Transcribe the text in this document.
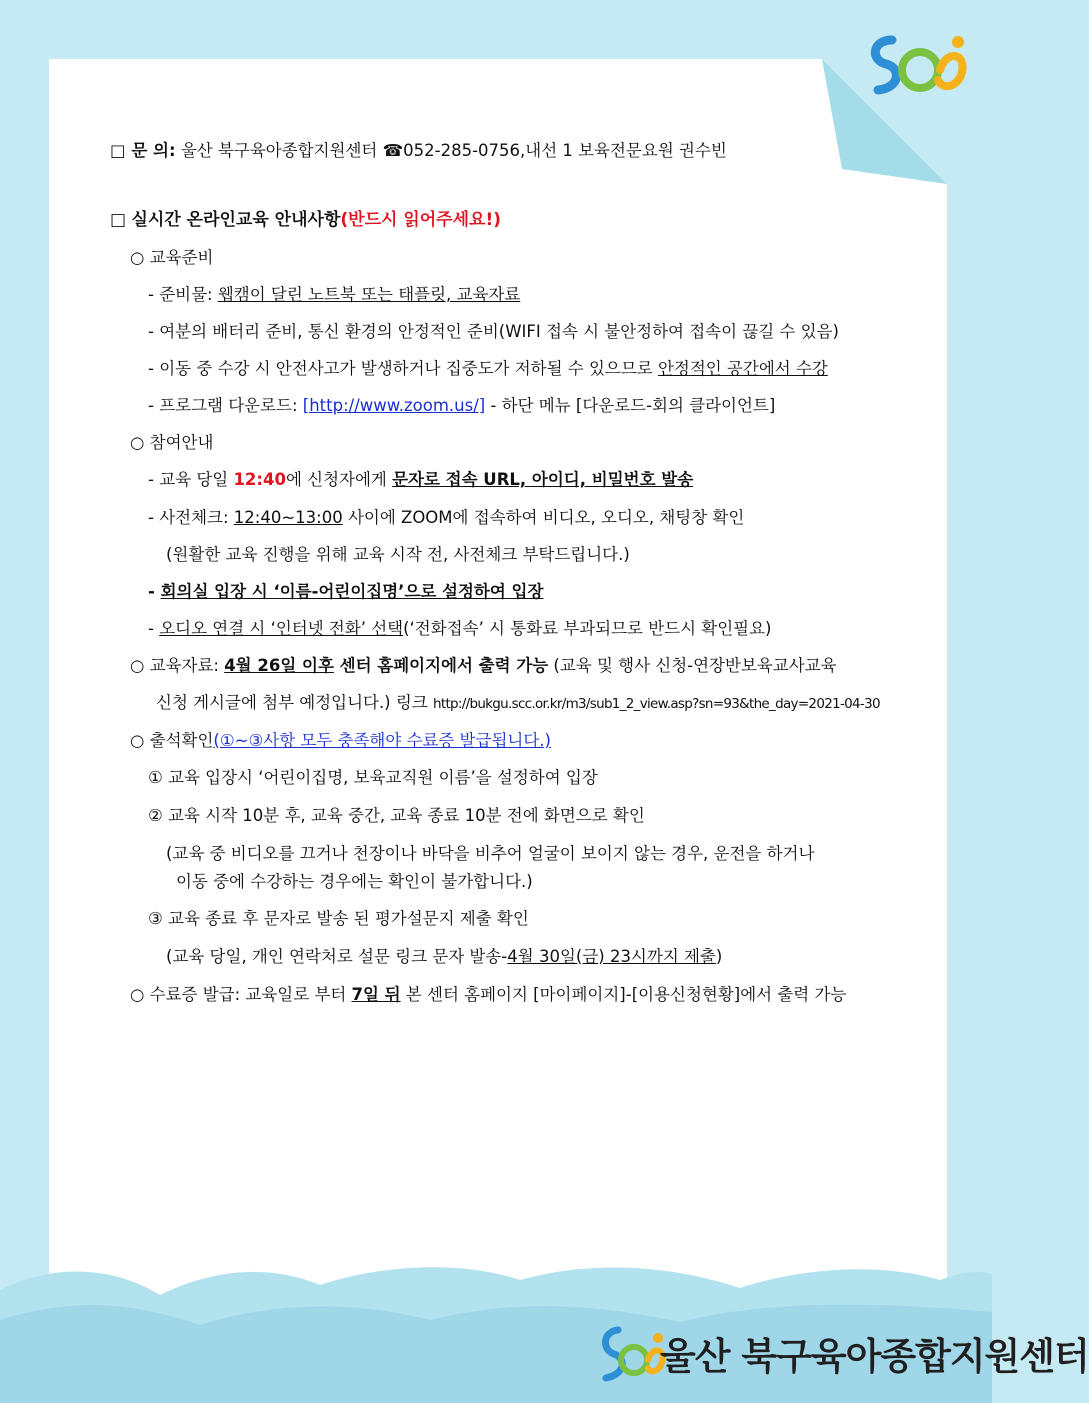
□ 문 의: 울산 북구육아종합지원센터 ☎052-285-0756,내선 1 보육전문요원 권수빈
□ 실시간 온라인교육 안내사항(반드시 읽어주세요!)
○ 교육준비
- 준비물: 웹캠이 달린 노트북 또는 태플릿, 교육자료
- 여분의 배터리 준비, 통신 환경의 안정적인 준비(WIFI 접속 시 불안정하여 접속이 끊길 수 있음)
- 이동 중 수강 시 안전사고가 발생하거나 집중도가 저하될 수 있으므로 안정적인 공간에서 수강
- 프로그램 다운로드: [http://www.zoom.us/] - 하단 메뉴 [다운로드-회의 클라이언트]
○ 참여안내
- 교육 당일 12:40에 신청자에게 문자로 접속 URL, 아이디, 비밀번호 발송
- 사전체크: 12:40~13:00 사이에 ZOOM에 접속하여 비디오, 오디오, 채팅창 확인
(원활한 교육 진행을 위해 교육 시작 전, 사전체크 부탁드립니다.)
- 회의실 입장 시 ‘이름-어린이집명’으로 설정하여 입장
- 오디오 연결 시 ‘인터넷 전화’ 선택(‘전화접속’ 시 통화료 부과되므로 반드시 확인필요)
○ 교육자료: 4월 26일 이후 센터 홈페이지에서 출력 가능 (교육 및 행사 신청-연장반보육교사교육
신청 게시글에 첨부 예정입니다.) 링크 http://bukgu.scc.or.kr/m3/sub1_2_view.asp?sn=93&the_day=2021-04-30
○ 출석확인(①~③사항 모두 충족해야 수료증 발급됩니다.)
① 교육 입장시 ‘어린이집명, 보육교직원 이름’을 설정하여 입장
② 교육 시작 10분 후, 교육 중간, 교육 종료 10분 전에 화면으로 확인
(교육 중 비디오를 끄거나 천장이나 바닥을 비추어 얼굴이 보이지 않는 경우, 운전을 하거나
이동 중에 수강하는 경우에는 확인이 불가합니다.)
③ 교육 종료 후 문자로 발송 된 평가설문지 제출 확인
(교육 당일, 개인 연락처로 설문 링크 문자 발송-4월 30일(금) 23시까지 제출)
○ 수료증 발급: 교육일로 부터 7일 뒤 본 센터 홈페이지 [마이페이지]-[이용신청현황]에서 출력 가능
울산 북구육아종합지원센터
